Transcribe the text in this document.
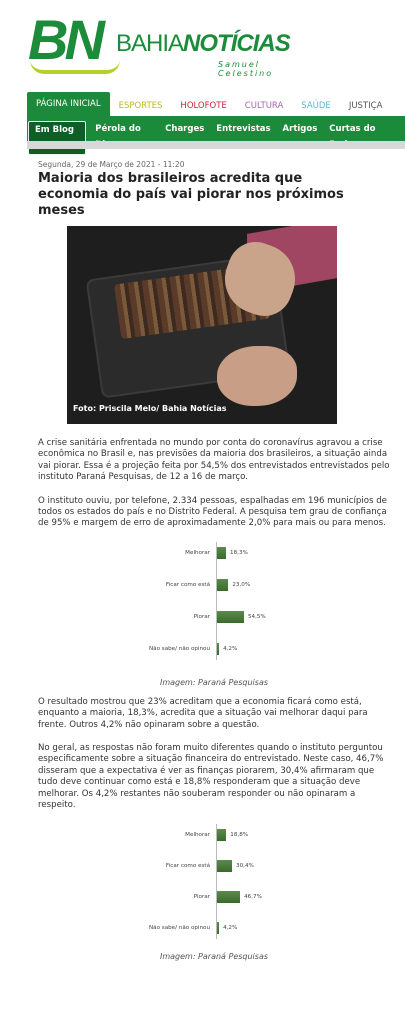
BN BAHIANOTÍCIAS
Samuel Celestino
PÁGINA INICIAL	ESPORTES	HOLOFOTE	CULTURA	SAÚDE	JUSTIÇA
Em Blog	Pérola do	Charges	Entrevistas	Artigos	Curtas do
Segunda, 29 de Março de 2021 - 11:20
Maioria dos brasileiros acredita que economia do país vai piorar nos próximos meses
Foto: Priscila Melo/ Bahia Notícias

A crise sanitária enfrentada no mundo por conta do coronavírus agravou a crise econômica no Brasil e, nas previsões da maioria dos brasileiros, a situação ainda vai piorar. Essa é a projeção feita por 54,5% dos entrevistados entrevistados pelo instituto Paraná Pesquisas, de 12 a 16 de março.

O instituto ouviu, por telefone, 2.334 pessoas, espalhadas em 196 municípios de todos os estados do país e no Distrito Federal. A pesquisa tem grau de confiança de 95% e margem de erro de aproximadamente 2,0% para mais ou para menos.

Melhorar	18,3%
Ficar como está	23,0%
Piorar	54,5%
Não sabe/ não opinou 4,2%
Imagem: Paraná Pesquisas

O resultado mostrou que 23% acreditam que a economia ficará como está, enquanto a maioria, 18,3%, acredita que a situação vai melhorar daqui para frente. Outros 4,2% não opinaram sobre a questão.

No geral, as respostas não foram muito diferentes quando o instituto perguntou especificamente sobre a situação financeira do entrevistado. Neste caso, 46,7% disseram que a expectativa é ver as finanças piorarem, 30,4% afirmaram que tudo deve continuar como está e 18,8% responderam que a situação deve melhorar. Os 4,2% restantes não souberam responder ou não opinaram a respeito.

Melhorar	18,8%
Ficar como está	30,4%
Piorar	46,7%
Não sabe/ não opinou 4,2%
Imagem: Paraná Pesquisas
